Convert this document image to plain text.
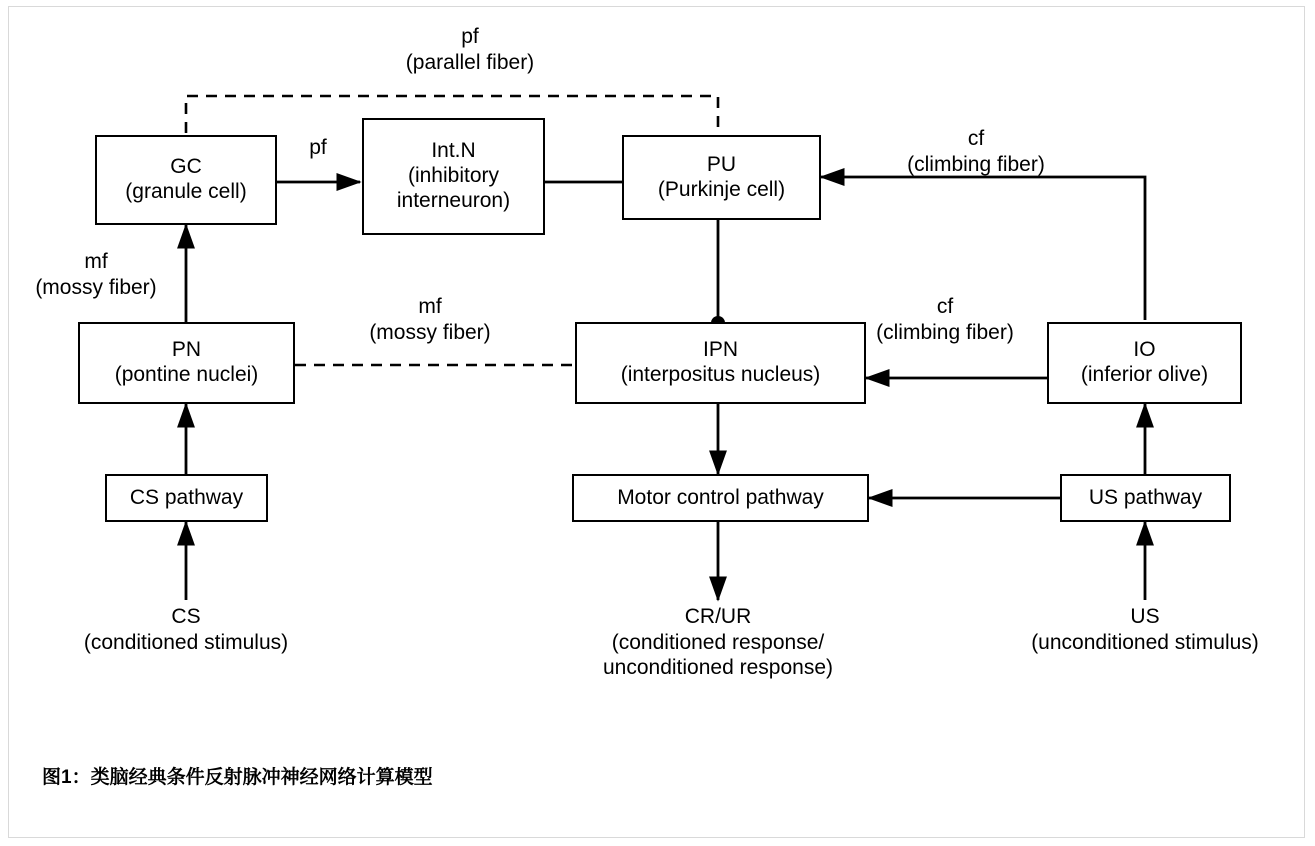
GC
(granule cell)
Int.N
(inhibitory
interneuron)
PU
(Purkinje cell)
PN
(pontine nuclei)
IPN
(interpositus nucleus)
IO
(inferior olive)
CS pathway	Motor control pathway	US pathway
pf
(parallel fiber)
pf	cf
(climbing fiber)
mf
(mossy fiber)
mf
(mossy fiber)
cf
(climbing fiber)
CS
(conditioned stimulus)
CR/UR
(conditioned response/
unconditioned response)
US
(unconditioned stimulus)
图1：类脑经典条件反射脉冲神经网络计算模型
